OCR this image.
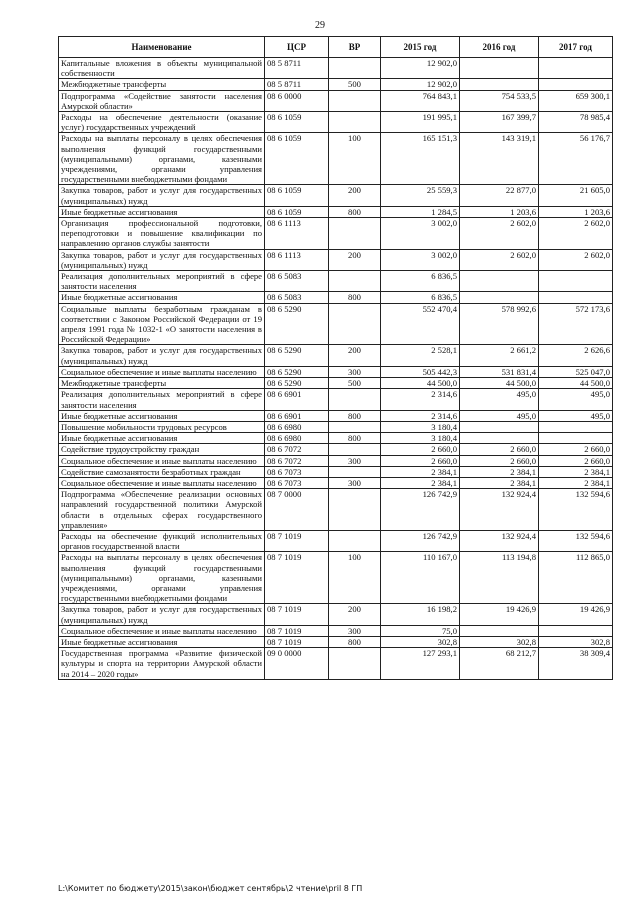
29
Наименование	ЦСР	ВР	2015 год	2016 год	2017 год
Капитальные вложения в объекты муниципальной собственности	08 5 8711		12 902,0		
Межбюджетные трансферты	08 5 8711	500	12 902,0		
Подпрограмма «Содействие занятости населения Амурской области»	08 6 0000		764 843,1	754 533,5	659 300,1
Расходы на обеспечение деятельности (оказание услуг) государственных учреждений	08 6 1059		191 995,1	167 399,7	78 985,4
Расходы на выплаты персоналу в целях обеспечения выполнения функций государственными (муниципальными) органами, казенными учреждениями, органами управления государственными внебюджетными фондами	08 6 1059	100	165 151,3	143 319,1	56 176,7
Закупка товаров, работ и услуг для государственных (муниципальных) нужд	08 6 1059	200	25 559,3	22 877,0	21 605,0
Иные бюджетные ассигнования	08 6 1059	800	1 284,5	1 203,6	1 203,6
Организация профессиональной подготовки, переподготовки и повышение квалификации по направлению органов службы занятости	08 6 1113		3 002,0	2 602,0	2 602,0
Закупка товаров, работ и услуг для государственных (муниципальных) нужд	08 6 1113	200	3 002,0	2 602,0	2 602,0
Реализация дополнительных мероприятий в сфере занятости населения	08 6 5083		6 836,5		
Иные бюджетные ассигнования	08 6 5083	800	6 836,5		
Социальные выплаты безработным гражданам в соответствии с Законом Российской Федерации от 19 апреля 1991 года № 1032-1 «О занятости населения в Российской Федерации»	08 6 5290		552 470,4	578 992,6	572 173,6
Закупка товаров, работ и услуг для государственных (муниципальных) нужд	08 6 5290	200	2 528,1	2 661,2	2 626,6
Социальное обеспечение и иные выплаты населению	08 6 5290	300	505 442,3	531 831,4	525 047,0
Межбюджетные трансферты	08 6 5290	500	44 500,0	44 500,0	44 500,0
Реализация дополнительных мероприятий в сфере занятости населения	08 6 6901		2 314,6	495,0	495,0
Иные бюджетные ассигнования	08 6 6901	800	2 314,6	495,0	495,0
Повышение мобильности трудовых ресурсов	08 6 6980		3 180,4		
Иные бюджетные ассигнования	08 6 6980	800	3 180,4		
Содействие трудоустройству граждан	08 6 7072		2 660,0	2 660,0	2 660,0
Социальное обеспечение и иные выплаты населению	08 6 7072	300	2 660,0	2 660,0	2 660,0
Содействие самозанятости безработных граждан	08 6 7073		2 384,1	2 384,1	2 384,1
Социальное обеспечение и иные выплаты населению	08 6 7073	300	2 384,1	2 384,1	2 384,1
Подпрограмма «Обеспечение реализации основных направлений государственной политики Амурской области в отдельных сферах государственного управления»	08 7 0000		126 742,9	132 924,4	132 594,6
Расходы на обеспечение функций исполнительных органов государственной власти	08 7 1019		126 742,9	132 924,4	132 594,6
Расходы на выплаты персоналу в целях обеспечения выполнения функций государственными (муниципальными) органами, казенными учреждениями, органами управления государственными внебюджетными фондами	08 7 1019	100	110 167,0	113 194,8	112 865,0
Закупка товаров, работ и услуг для государственных (муниципальных) нужд	08 7 1019	200	16 198,2	19 426,9	19 426,9
Социальное обеспечение и иные выплаты населению	08 7 1019	300	75,0		
Иные бюджетные ассигнования	08 7 1019	800	302,8	302,8	302,8
Государственная программа «Развитие физической культуры и спорта на территории Амурской области на 2014 – 2020 годы»	09 0 0000		127 293,1	68 212,7	38 309,4
L:\Комитет по бюджету\2015\закон\бюджет сентябрь\2 чтение\pril 8 ГП
